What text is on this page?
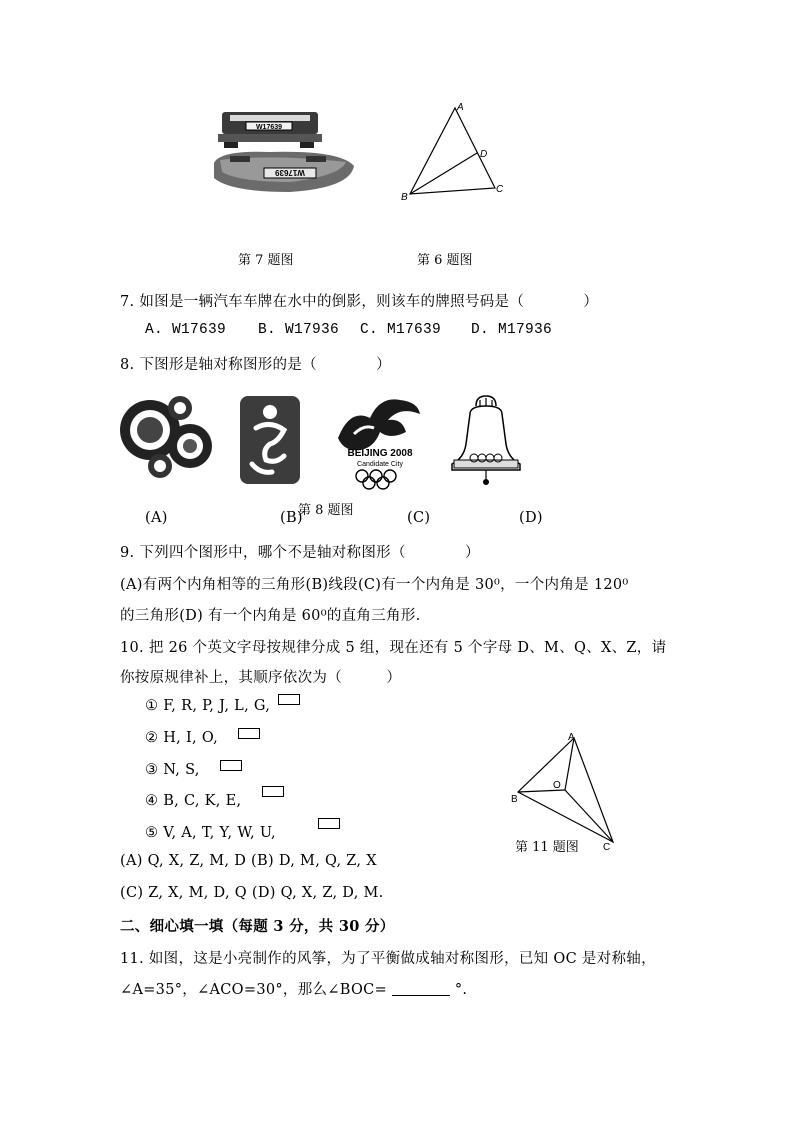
W17639
W17639
A
D
B
C
第 7 题图	第 6 题图
7. 如图是一辆汽车车牌在水中的倒影，则该车的牌照号码是（　　　　）
A. W17639 B. W17936 C. M17639 D. M17936
8. 下图形是轴对称图形的是（　　　　）
BEIJING 2008
Candidate City
第 8 题图
(A)	(B)	(C)	(D)
9. 下列四个图形中，哪个不是轴对称图形（　　　　）
(A)有两个内角相等的三角形(B)线段(C)有一个内角是 30⁰，一个内角是 120⁰
的三角形(D) 有一个内角是 60⁰的直角三角形.
10. 把 26 个英文字母按规律分成 5 组，现在还有 5 个字母 D、M、Q、X、Z，请
你按原规律补上，其顺序依次为（　　　）
① F, R, P, J, L, G,
② H, I, O,
③ N, S,
④ B, C, K, E,
⑤ V, A, T, Y, W, U,
A
O
B
C
第 11 题图
(A) Q, X, Z, M, D (B) D, M, Q, Z, X
(C) Z, X, M, D, Q (D) Q, X, Z, D, M.
二、细心填一填（每题 3 分，共 30 分）
11. 如图，这是小亮制作的风筝，为了平衡做成轴对称图形，已知 OC 是对称轴，
∠A=35°，∠ACO=30°，那么∠BOC=	°.
